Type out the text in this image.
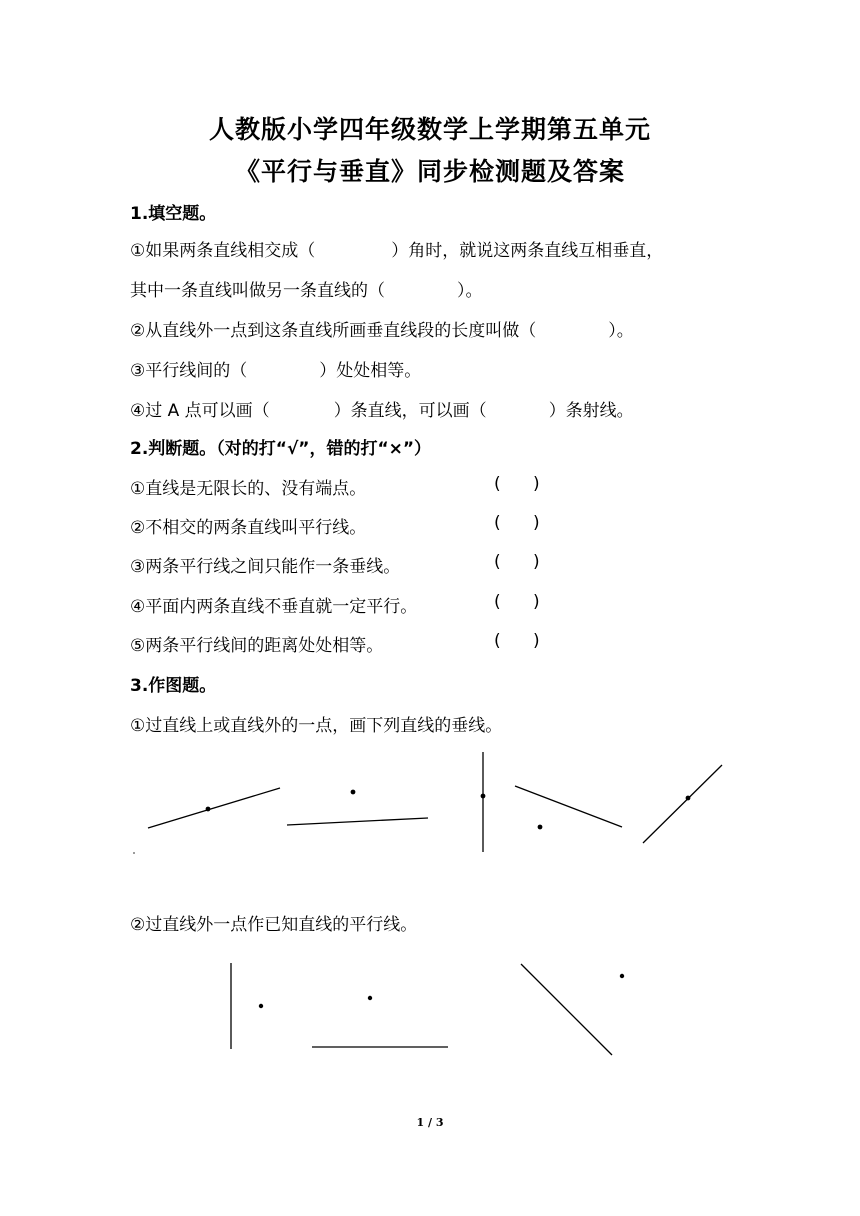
人教版小学四年级数学上学期第五单元
《平行与垂直》同步检测题及答案
1.填空题。
①如果两条直线相交成（	）角时，就说这两条直线互相垂直，
其中一条直线叫做另一条直线的（	）。
②从直线外一点到这条直线所画垂直线段的长度叫做（	）。
③平行线间的（	）处处相等。
④过 A 点可以画（	）条直线，可以画（	）条射线。
2.判断题。（对的打“√”，错的打“×”）
①直线是无限长的、没有端点。	(      )
②不相交的两条直线叫平行线。	(      )
③两条平行线之间只能作一条垂线。	(      )
④平面内两条直线不垂直就一定平行。	(      )
⑤两条平行线间的距离处处相等。	(      )
3.作图题。
①过直线上或直线外的一点，画下列直线的垂线。
②过直线外一点作已知直线的平行线。
1 / 3
